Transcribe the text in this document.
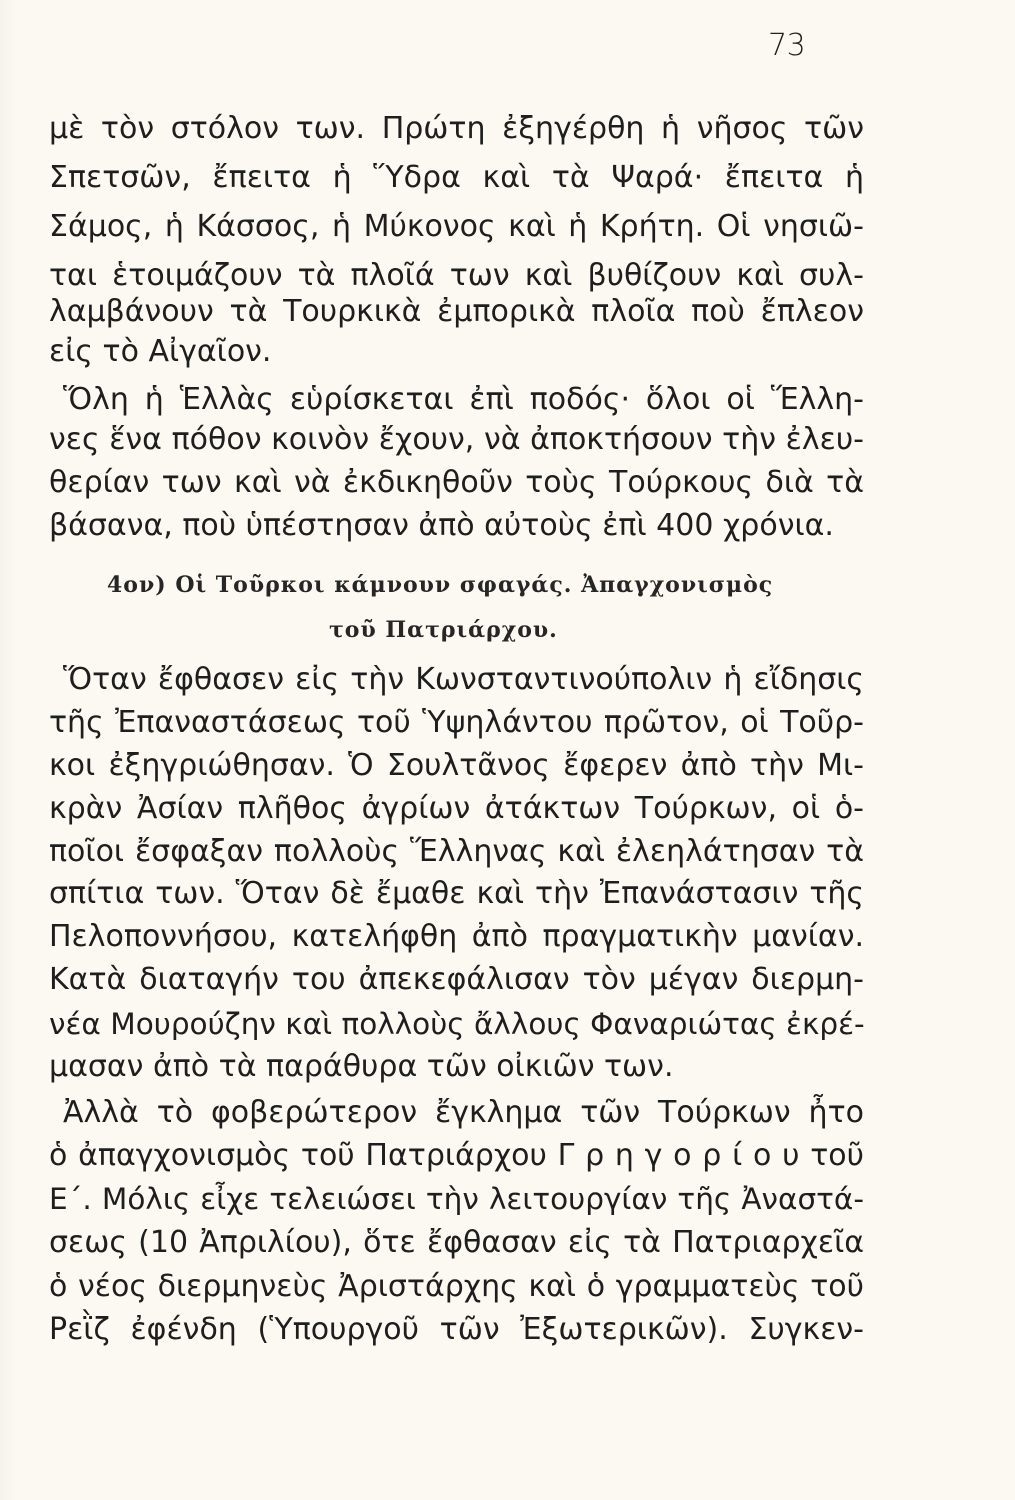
73
μὲ τὸν στόλον των. Πρώτη ἐξηγέρθη ἡ νῆσος τῶν
Σπετσῶν, ἔπειτα ἡ Ὕδρα καὶ τὰ Ψαρά· ἔπειτα ἡ
Σάμος, ἡ Κάσσος, ἡ Μύκονος καὶ ἡ Κρήτη. Οἱ νησιῶ-
ται ἑτοιμάζουν τὰ πλοῖά των καὶ βυθίζουν καὶ συλ-
λαμβάνουν τὰ Τουρκικὰ ἐμπορικὰ πλοῖα ποὺ ἔπλεον
εἰς τὸ Αἰγαῖον.
Ὅλη ἡ Ἑλλὰς εὑρίσκεται ἐπὶ ποδός· ὅλοι οἱ Ἕλλη-
νες ἕνα πόθον κοινὸν ἔχουν, νὰ ἀποκτήσουν τὴν ἐλευ-
θερίαν των καὶ νὰ ἐκδικηθοῦν τοὺς Τούρκους διὰ τὰ
βάσανα, ποὺ ὑπέστησαν ἀπὸ αὐτοὺς ἐπὶ 400 χρόνια.
4ον) Οἱ Τοῦρκοι κάμνουν σφαγάς. Ἀπαγχονισμὸς
τοῦ Πατριάρχου.
Ὅταν ἔφθασεν εἰς τὴν Κωνσταντινούπολιν ἡ εἴδησις
τῆς Ἐπαναστάσεως τοῦ Ὑψηλάντου πρῶτον, οἱ Τοῦρ-
κοι ἐξηγριώθησαν. Ὁ Σουλτᾶνος ἔφερεν ἀπὸ τὴν Μι-
κρὰν Ἀσίαν πλῆθος ἀγρίων ἀτάκτων Τούρκων, οἱ ὁ-
ποῖοι ἔσφαξαν πολλοὺς Ἕλληνας καὶ ἐλεηλάτησαν τὰ
σπίτια των. Ὅταν δὲ ἔμαθε καὶ τὴν Ἐπανάστασιν τῆς
Πελοποννήσου, κατελήφθη ἀπὸ πραγματικὴν μανίαν.
Κατὰ διαταγήν του ἀπεκεφάλισαν τὸν μέγαν διερμη-
νέα Μουρούζην καὶ πολλοὺς ἄλλους Φαναριώτας ἐκρέ-
μασαν ἀπὸ τὰ παράθυρα τῶν οἰκιῶν των.
Ἀλλὰ τὸ φοβερώτερον ἔγκλημα τῶν Τούρκων ἦτο
ὁ ἀπαγχονισμὸς τοῦ Πατριάρχου Γ ρ η γ ο ρ ί ο υ τοῦ
Ε΄. Μόλις εἶχε τελειώσει τὴν λειτουργίαν τῆς Ἀναστά-
σεως (10 Ἀπριλίου), ὅτε ἔφθασαν εἰς τὰ Πατριαρχεῖα
ὁ νέος διερμηνεὺς Ἀριστάρχης καὶ ὁ γραμματεὺς τοῦ
Ρεῒζ ἐφένδη (Ὑπουργοῦ τῶν Ἐξωτερικῶν). Συγκεν-
